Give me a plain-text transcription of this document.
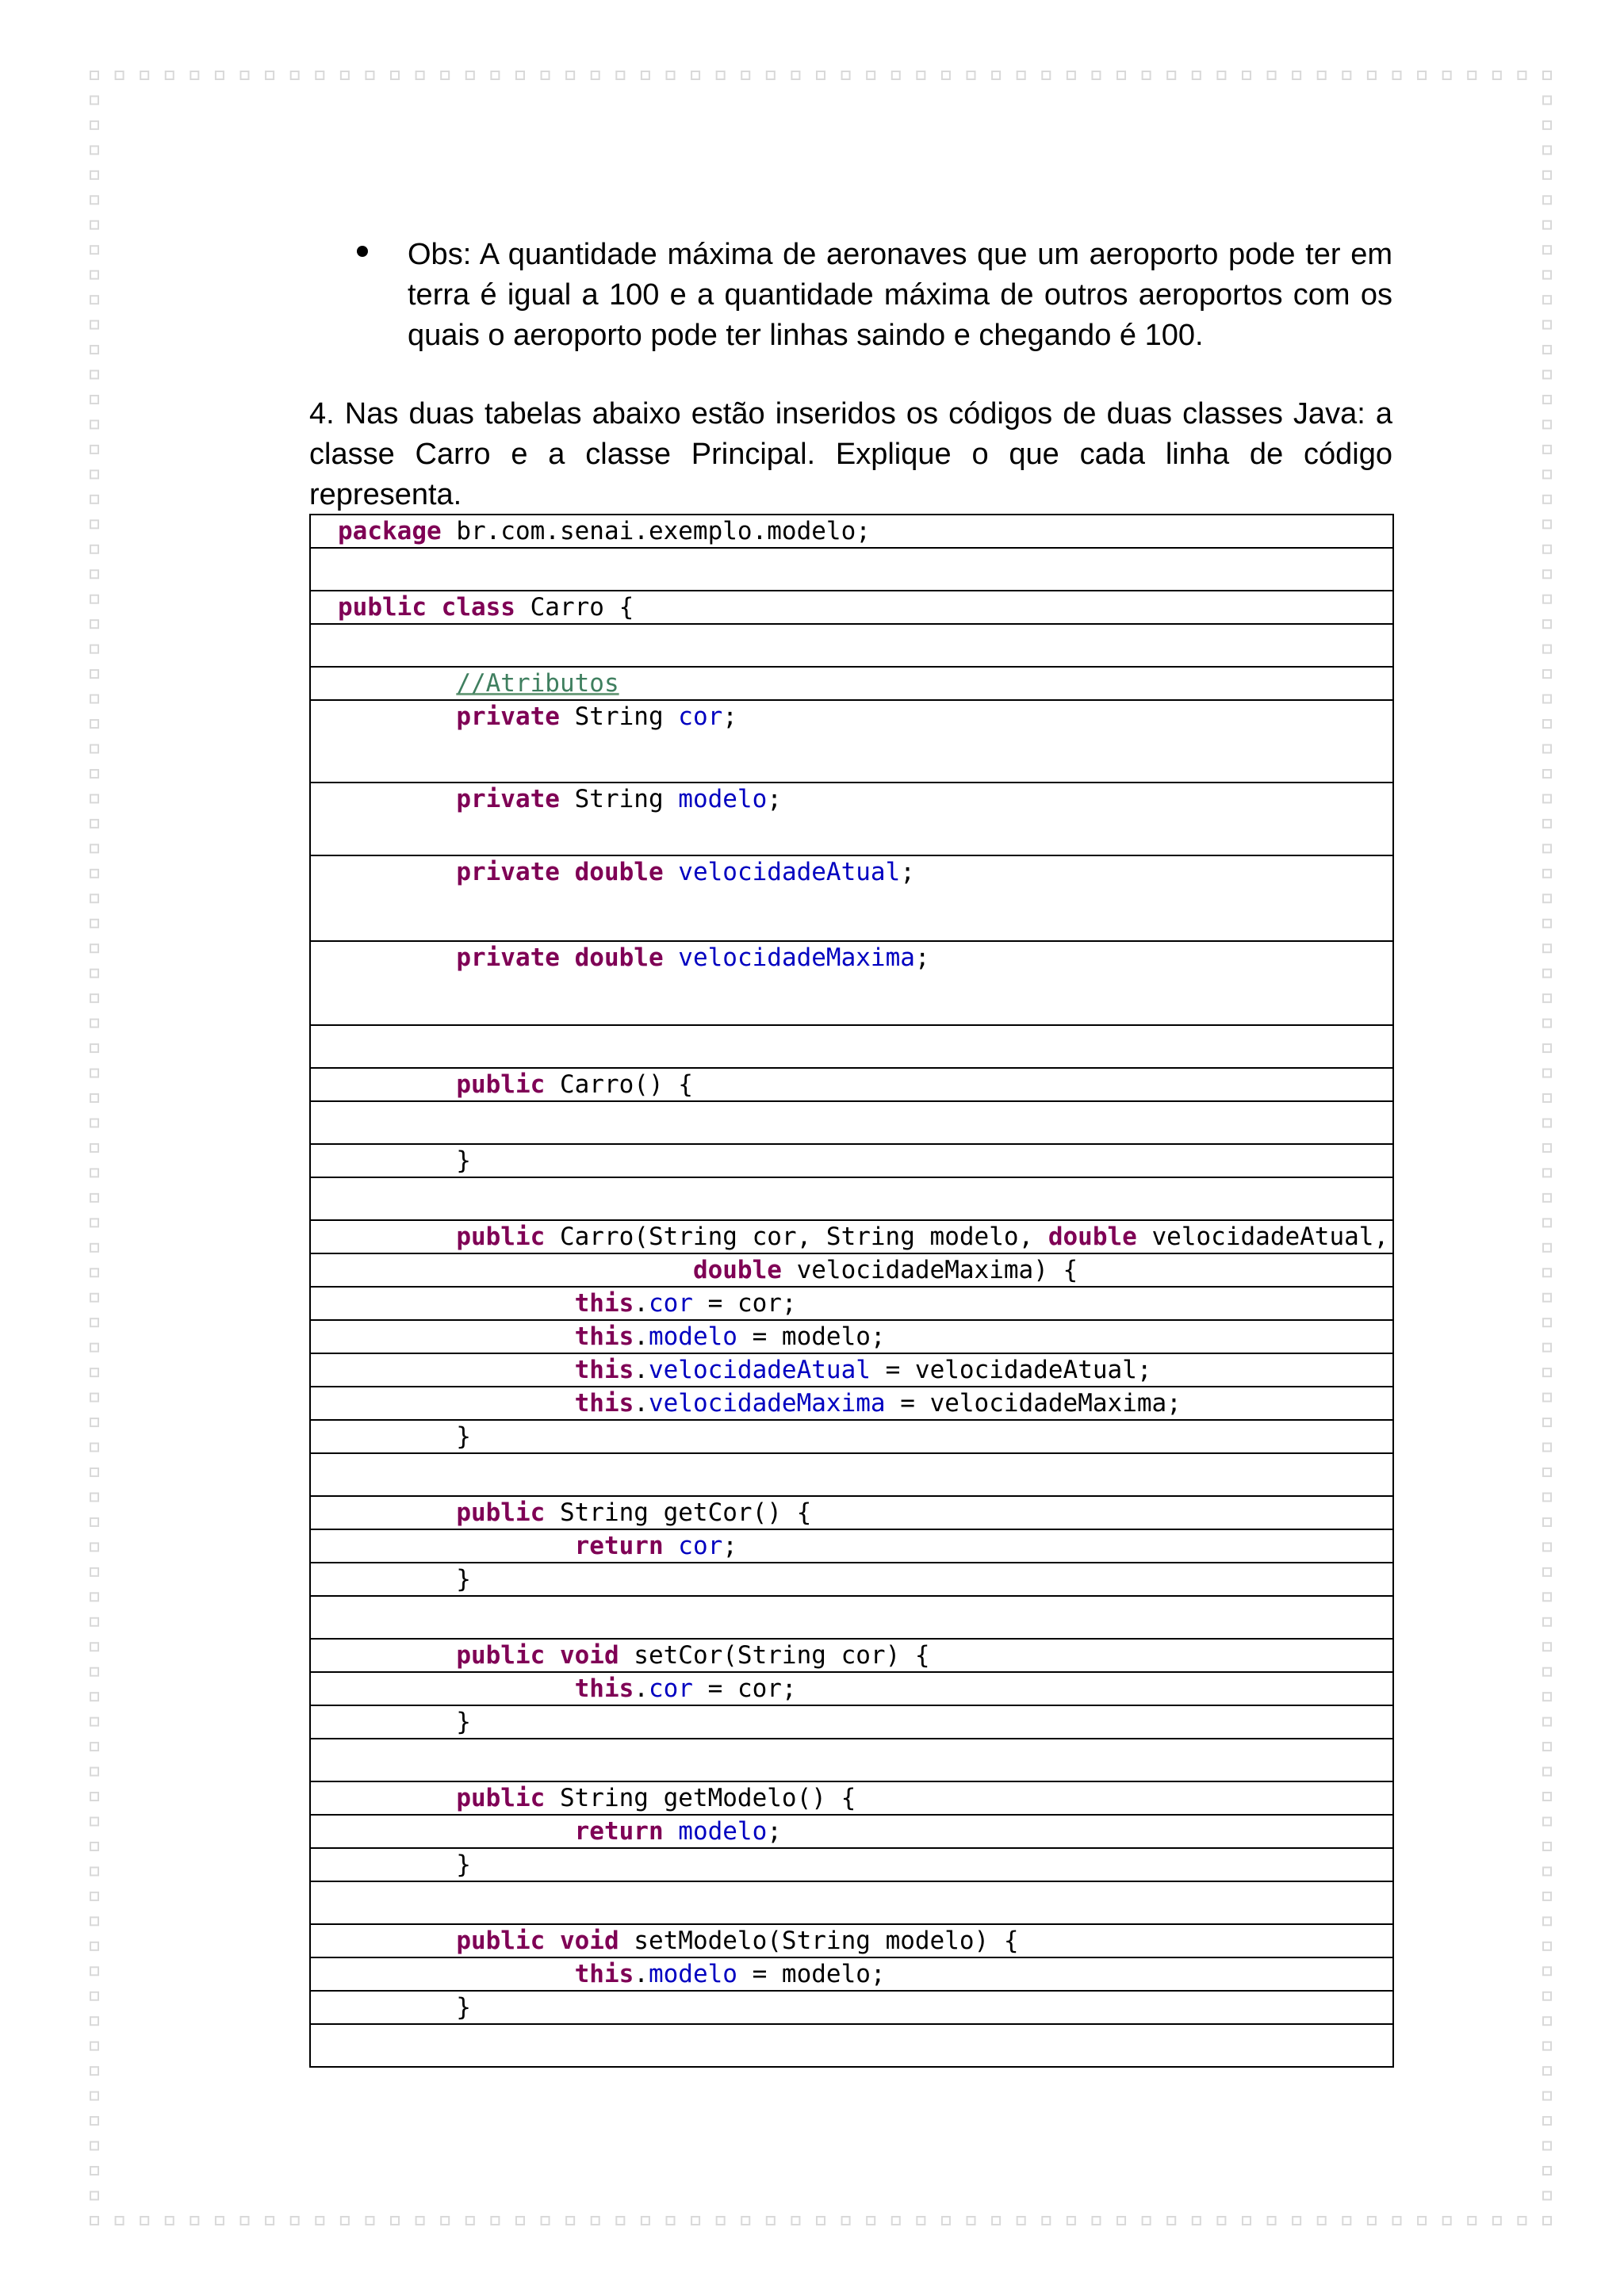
Obs: A quantidade máxima de aeronaves que um aeroporto pode ter em terra é igual a 100 e a quantidade máxima de outros aeroportos com os quais o aeroporto pode ter linhas saindo e chegando é 100.
4. Nas duas tabelas abaixo estão inseridos os códigos de duas classes Java: a classe Carro e a classe Principal. Explique o que cada linha de código representa.
package br.com.senai.exemplo.modelo;

public class Carro {

//Atributos

private String cor;

private String modelo;

private double velocidadeAtual;

private double velocidadeMaxima;

public Carro() {

}

public Carro(String cor, String modelo, double velocidadeAtual,

double velocidadeMaxima) {

this.cor = cor;

this.modelo = modelo;

this.velocidadeAtual = velocidadeAtual;

this.velocidadeMaxima = velocidadeMaxima;

}

public String getCor() {

return cor;

}

public void setCor(String cor) {

this.cor = cor;

}

public String getModelo() {

return modelo;

}

public void setModelo(String modelo) {

this.modelo = modelo;

}
